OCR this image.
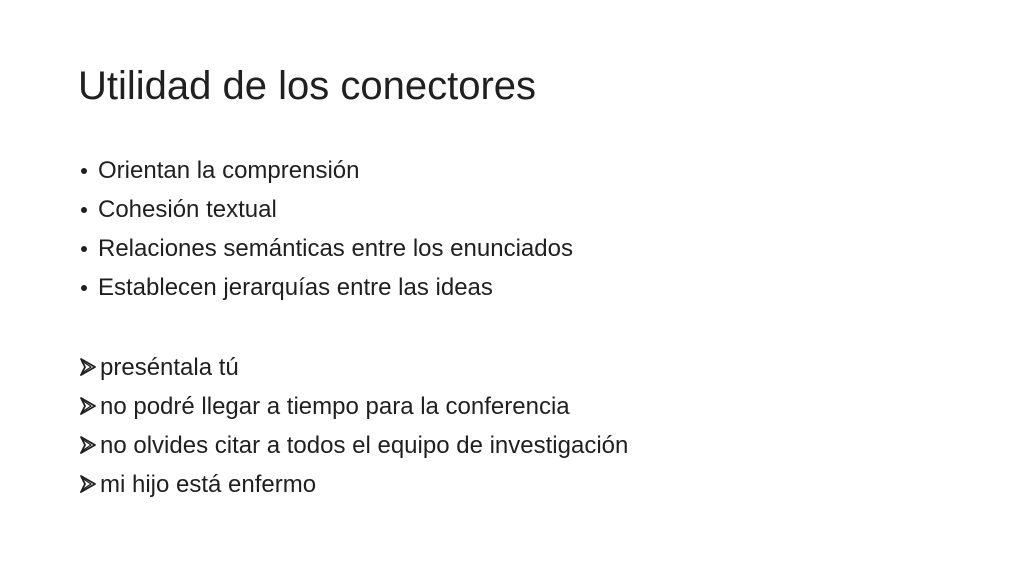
Utilidad de los conectores
Orientan la comprensión
Cohesión textual
Relaciones semánticas entre los enunciados
Establecen jerarquías entre las ideas
preséntala tú
no podré llegar a tiempo para la conferencia
no olvides citar a todos el equipo de investigación
mi hijo está enfermo
